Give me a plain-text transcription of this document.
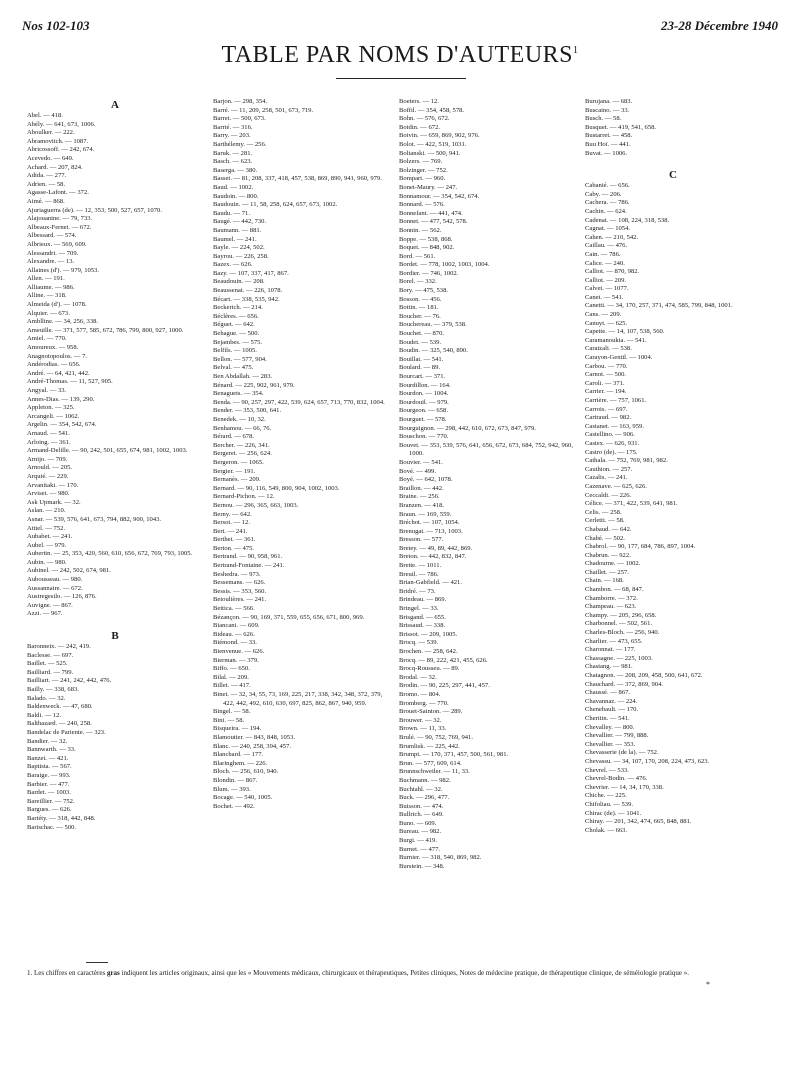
Nos 102-103	23-28 Décembre 1940
TABLE PAR NOMS D'AUTEURS$^1$
A
Abel. — 418.
Abély. — 641, 673, 1006.
Aboulker. — 222.
Abramovitch. — 1087.
Abricossoff. — 242, 674.
Acevedo. — 649.
Achard. — 207, 824.
Adida. — 277.
Adrien. — 58.
Agasse-Lafont. — 372.
Aimé. — 868.
Ajuriaguerra (de). — 12, 353, 500, 527, 657, 1070.
Alajouanine. — 79, 733.
Albeaux-Fernet. — 672.
Albessard. — 574.
Albrieux. — 569, 609.
Alessandri. — 709.
Alexandre. — 13.
Allaines (d'). — 979, 1053.
Allen. — 191.
Alliaume. — 986.
Alline. — 318.
Almeida (d'). — 1078.
Alquier. — 673.
Amblline. — 34, 256, 338.
Ameuille. — 371, 577, 585, 672, 786, 799, 800, 927, 1000.
Amiel. — 770.
Amoureux. — 958.
Anagnotopoulos. — 7.
Andérodias. — 656.
André. — 64, 421, 442.
André-Thomas. — 11, 527, 905.
Angyal. — 33.
Annes-Dias. — 139, 290.
Appleton. — 325.
Arcangeli. — 1062.
Argelin. — 354, 542, 674.
Arnaud. — 541.
Arloing. — 361.
Armand-Delille. — 90, 242, 501, 655, 674, 981, 1002, 1003.
Arnijo. — 709.
Arnould. — 205.
Arquié. — 229.
Arvanitaki. — 170.
Arviset. — 980.
Ask Upmark. — 32.
Aslan. — 210.
Asnar. — 539, 576, 641, 673, 794, 882, 900, 1043.
Attiel. — 752.
Aubabet. — 241.
Aubel. — 979.
Aubertin. — 25, 353, 420, 560, 610, 656, 672, 769, 793, 1005.
Aubin. — 980.
Aubinel. — 242, 502, 674, 981.
Aubousseau. — 980.
Aussannaire. — 672.
Austregesilo. — 126, 876.
Auvigne. — 867.
Azzi. — 967.
B
Baronneix. — 242, 419.
Baclesse. — 697.
Baillet. — 525.
Bailliard. — 799.
Bailliart. — 241, 242, 442, 476.
Bailly. — 338, 683.
Balado. — 32.
Baldenweck. — 47, 680.
Baldi. — 12.
Balthazard. — 240, 258.
Bandelac de Pariente. — 323.
Bandier. — 32.
Bannwarth. — 33.
Banzet. — 421.
Baptista. — 567.
Baraige. — 993.
Barbier. — 477.
Bardet. — 1003.
Bareillier. — 752.
Bargues. — 626.
Bariéty. — 318, 442, 848.
Barischac. — 500.
Barjon. — 298, 354.
Barré. — 11, 209, 258, 501, 673, 719.
Barret. — 500, 673.
Barrié. — 316.
Barry. — 203.
Barthélemy. — 256.
Baruk. — 281.
Basch. — 623.
Baserga. — 380.
Basset. — 81, 208, 337, 418, 457, 538, 869, 890, 941, 960, 979.
Baud. — 1002.
Baudoin. — 800.
Baudouin. — 11, 58, 258, 624, 657, 673, 1002.
Baudu. — 71.
Baugé. — 442, 730.
Baumann. — 881.
Baumel. — 241.
Bayle. — 224, 502.
Bayrou. — 226, 258.
Bazex. — 626.
Bazy. — 107, 337, 417, 867.
Beaudouin. — 208.
Beaussenat. — 226, 1078.
Bécart. — 338, 535, 942.
Beckerich. — 214.
Béclères. — 656.
Béguet. — 642.
Behague. — 500.
Bejambes. — 575.
Belfils. — 1005.
Bellon. — 577, 904.
Belval. — 475.
Ben Abdallah. — 283.
Bénard. — 225, 902, 961, 979.
Benaguets. — 354.
Benda. — 90, 257, 297, 422, 539, 624, 657, 713, 770, 832, 1004.
Bender. — 353, 500, 641.
Benedek. — 10, 32.
Benhamou. — 66, 76.
Bérard. — 678.
Bercher. — 226, 341.
Bergeret. — 256, 624.
Bergeron. — 1065.
Bergier. — 191.
Bernanès. — 209.
Bernard. — 90, 116, 549, 800, 904, 1002, 1003.
Bernard-Pichon. — 12.
Bernou. — 296, 365, 663, 1003.
Berny. — 642.
Bersot. — 12.
Bert. — 241.
Berthet. — 361.
Berton. — 475.
Bertrand. — 90, 958, 961.
Bertrand-Fontaine. — 241.
Beshedra. — 973.
Bessemans. — 626.
Bessis. — 353, 560.
Betoulières. — 241.
Bettica. — 566.
Bézançon. — 90, 169, 371, 559, 655, 656, 671, 800, 969.
Biancani. — 609.
Bideau. — 626.
Biémond. — 33.
Bienvenue. — 626.
Bierman. — 379.
Biffo. — 650.
Bilal. — 209.
Billet. — 417.
Binet. — 32, 34, 55, 73, 169, 225, 217, 338, 342, 348, 372, 379, 422, 442, 492, 610, 630, 697, 825, 862, 867, 940, 959.
Bingel. — 58.
Bini. — 58.
Bisqueira. — 194.
Blamoutier. — 843, 848, 1053.
Blanc. — 240, 258, 394, 457.
Blanchard. — 177.
Blaringhem. — 226.
Bloch. — 256, 610, 940.
Blondin. — 867.
Blum. — 393.
Bocage. — 540, 1005.
Bochet. — 492.
Boeters. — 12.
Boffil. — 354, 458, 578.
Bohn. — 576, 672.
Boidin. — 672.
Boivin. — 659, 869, 902, 976.
Bolot. — 422, 519, 1031.
Boltanski. — 500, 941.
Bolzers. — 769.
Bolzinger. — 752.
Bompart. — 960.
Bonet-Maury. — 247.
Bonnamour. — 354, 542, 674.
Bonnard. — 576.
Bonnefant. — 441, 474.
Bonnet. — 477, 542, 578.
Bonnin. — 562.
Boppe. — 538, 868.
Boquet. — 848, 902.
Bord. — 561.
Bordet. — 778, 1002, 1003, 1004.
Bordier. — 746, 1002.
Borel. — 332.
Bory. — 475, 538.
Bosson. — 456.
Bottin. — 181.
Boucher. — 76.
Bouchereau. — 379, 538.
Bouchet. — 870.
Boudet. — 539.
Boudin. — 325, 540, 890.
Bouillat. — 541.
Boulard. — 89.
Bourcart. — 371.
Bourdillon. — 164.
Bourdon. — 1004.
Bourdouil. — 979.
Bourgeon. — 658.
Bourguet. — 578.
Bourguignon. — 298, 442, 610, 672, 673, 847, 979.
Bouschon. — 770.
Bouvet. — 353, 539, 576, 641, 656, 672, 673, 684, 752, 942, 960, 1000.
Bouvier. — 541.
Bové. — 499.
Boyé. — 642, 1078.
Braillon. — 442.
Braine. — 256.
Branzen. — 418.
Braun. — 169, 559.
Bréchot. — 107, 1054.
Brenugat. — 713, 1003.
Bresson. — 577.
Bretey. — 49, 89, 442, 869.
Breton. — 442, 832, 847.
Brette. — 1011.
Breuil. — 786.
Brian-Gabfield. — 421.
Bridré. — 73.
Brindeau. — 869.
Bringel. — 33.
Brisgand. — 655.
Brissaud. — 338.
Brissot. — 209, 1005.
Brocq. — 539.
Brochen. — 258, 642.
Brocq. — 89, 222, 421, 455, 626.
Brocq-Rousseu. — 89.
Brodal. — 32.
Brodin. — 90, 225, 297, 441, 457.
Bromo. — 804.
Bromberg. — 770.
Brouet-Sainton. — 289.
Brouwer. — 32.
Brown. — 11, 33.
Brulé. — 90, 752, 769, 941.
Brumlisk. — 225, 442.
Brumpt. — 170, 371, 457, 500, 561, 981.
Brun. — 577, 609, 614.
Brunnschweiler. — 11, 33.
Buchmann. — 982.
Buchtahl. — 32.
Buck. — 296, 477.
Buisson. — 474.
Bullrich. — 649.
Buno. — 609.
Bureau. — 982.
Burgi. — 419.
Burnet. — 477.
Burnier. — 318, 540, 869, 982.
Burstein. — 348.
Burujana. — 683.
Buscaino. — 33.
Busch. — 58.
Busquet. — 419, 541, 658.
Bustarret. — 458.
Buu Hoï. — 441.
Buvat. — 1006.
C
Cabanié. — 656.
Caby. — 206.
Cachera. — 786.
Cachin. — 624.
Cadenat. — 108, 224, 318, 538.
Cagnat. — 1054.
Cahen. — 210, 542.
Caillau. — 476.
Cain. — 786.
Calice. — 240.
Calliot. — 870, 982.
Calliot. — 209.
Calvet. — 1077.
Canet. — 541.
Canetti. — 34, 170, 257, 371, 474, 585, 799, 848, 1001.
Cans. — 209.
Canuyt. — 625.
Capette. — 14, 107, 538, 560.
Caramanoukia. — 541.
Caratzali. — 538.
Carayon-Gentil. — 1004.
Carbou. — 770.
Carnot. — 500.
Caroli. — 371.
Carrier. — 194.
Carrière. — 757, 1061.
Carrois. — 697.
Cartraud. — 982.
Castanet. — 163, 959.
Castellino. — 906.
Castex. — 626, 931.
Castro (de). — 175.
Cathala. — 752, 769, 981, 982.
Cauthion. — 257.
Cazalis. — 241.
Cazenave. — 625, 626.
Ceccaldi. — 226.
Célice. — 371, 422, 539, 641, 981.
Celis. — 258.
Cerletti. — 58.
Chabaud. — 642.
Chabé. — 502.
Chabrol. — 90, 177, 684, 786, 897, 1004.
Chabrun. — 922.
Chadourne. — 1002.
Chaillet. — 257.
Chain. — 168.
Chambon. — 68, 847.
Chamborre. — 372.
Champeau. — 623.
Champy. — 205, 296, 658.
Charbonnel. — 502, 561.
Charles-Bloch. — 256, 940.
Charlier. — 473, 655.
Charonnat. — 177.
Chassagne. — 225, 1003.
Chastang. — 981.
Chatagnon. — 208, 209, 458, 500, 641, 672.
Chauchard. — 372, 869, 904.
Chaussé. — 867.
Chavannaz. — 224.
Chenebault. — 170.
Cheritin. — 541.
Chevalley. — 800.
Chevallier. — 799, 888.
Chevallier. — 353.
Chevasserie (de la). — 752.
Chevassu. — 34, 107, 170, 208, 224, 473, 623.
Chevrel. — 533.
Chevrel-Bodin. — 476.
Chevrier. — 14, 34, 170, 338.
Chiche. — 225.
Chifoliau. — 539.
Chirac (de). — 1041.
Chiray. — 201, 342, 474, 665, 848, 881.
Cholak. — 663.
1. Les chiffres en caractères gras indiquent les articles originaux, ainsi que les « Mouvements médicaux, chirurgicaux et thérapeutiques, Petites cliniques, Notes de médecine pratique, de thérapeutique clinique, de séméiologie pratique ».
*
